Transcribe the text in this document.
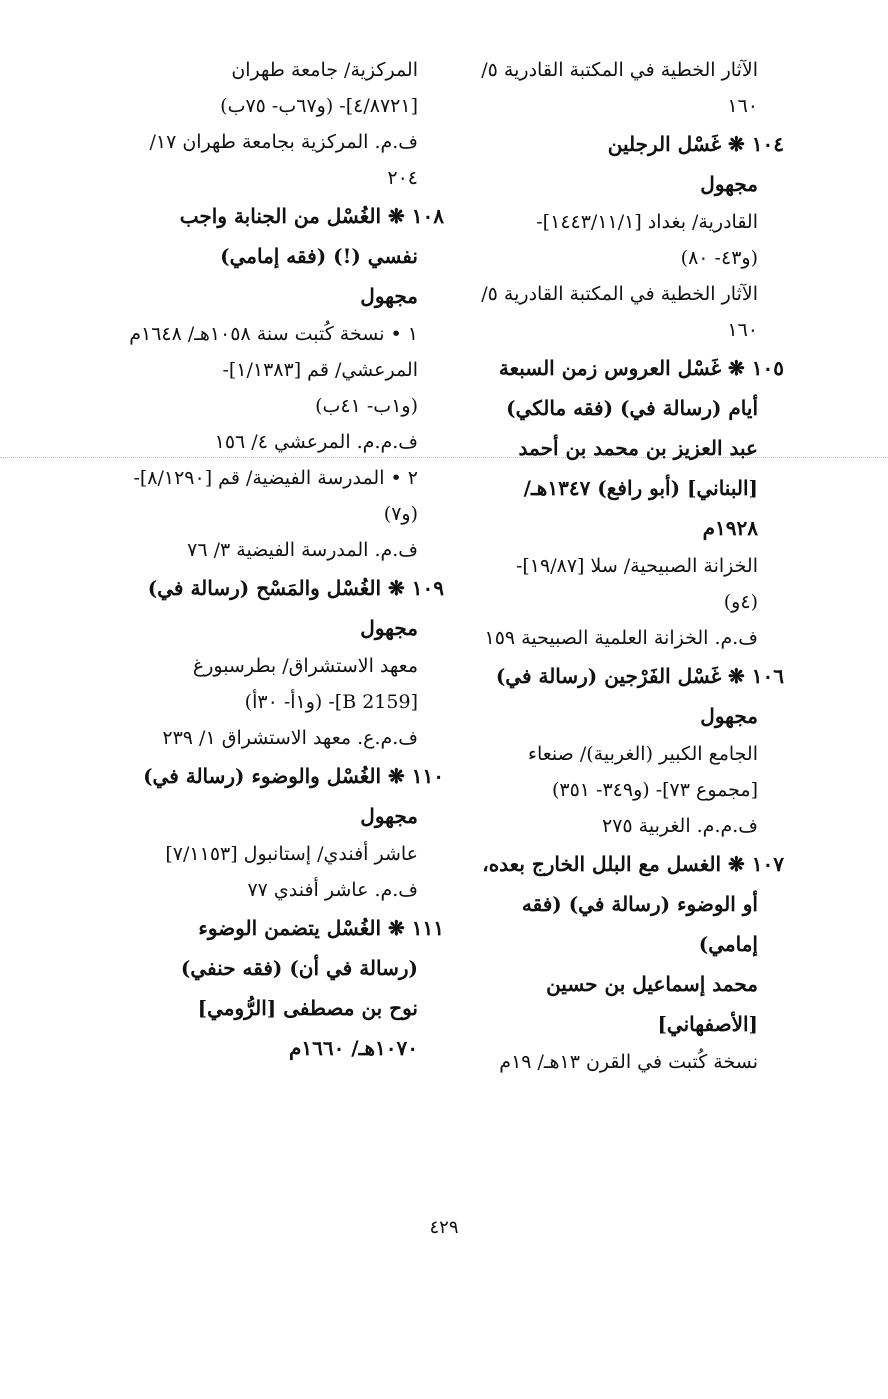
الآثار الخطية في المكتبة القادرية ٥/
١٦٠
١٠٤ ❋ غَسْل الرجلين
مجهول
القادرية/ بغداد [١٤٤٣/١١/١]-
(و٤٣- ٨٠)
الآثار الخطية في المكتبة القادرية ٥/
١٦٠
١٠٥ ❋ غَسْل العروس زمن السبعة
أيام (رسالة في) (فقه مالكي)
عبد العزيز بن محمد بن أحمد
[البناني] (أبو رافع) ١٣٤٧هـ/
١٩٢٨م
الخزانة الصبيحية/ سلا [١٩/٨٧]-
(٤و)
ف.م. الخزانة العلمية الصبيحية ١٥٩
١٠٦ ❋ غَسْل الفَرْجين (رسالة في)
مجهول
الجامع الكبير (الغربية)/ صنعاء
[مجموع ٧٣]- (و٣٤٩- ٣٥١)
ف.م.م. الغربية ٢٧٥
١٠٧ ❋ الغسل مع البلل الخارج بعده،
أو الوضوء (رسالة في) (فقه
إمامي)
محمد إسماعيل بن حسين
[الأصفهاني]
نسخة كُتبت في القرن ١٣هـ/ ١٩م
المركزية/ جامعة طهران
[٤/٨٧٢١]- (و٦٧ب- ٧٥ب)
ف.م. المركزية بجامعة طهران ١٧/
٢٠٤
١٠٨ ❋ الغُسْل من الجنابة واجب
نفسي (!) (فقه إمامي)
مجهول
١ • نسخة كُتبت سنة ١٠٥٨هـ/ ١٦٤٨م
المرعشي/ قم [١/١٣٨٣]-
(و١ب- ٤١ب)
ف.م.م. المرعشي ٤/ ١٥٦
٢ • المدرسة الفيضية/ قم [٨/١٢٩٠]-
(و٧)
ف.م. المدرسة الفيضية ٣/ ٧٦
١٠٩ ❋ الغُسْل والمَسْح (رسالة في)
مجهول
معهد الاستشراق/ بطرسبورغ
[B 2159]- (و١أ- ٣٠أ)
ف.م.ع. معهد الاستشراق ١/ ٢٣٩
١١٠ ❋ الغُسْل والوضوء (رسالة في)
مجهول
عاشر أفندي/ إستانبول [٧/١١٥٣]
ف.م. عاشر أفندي ٧٧
١١١ ❋ الغُسْل يتضمن الوضوء
(رسالة في أن) (فقه حنفي)
نوح بن مصطفى [الرُّومي]
١٠٧٠هـ/ ١٦٦٠م
٤٢٩
